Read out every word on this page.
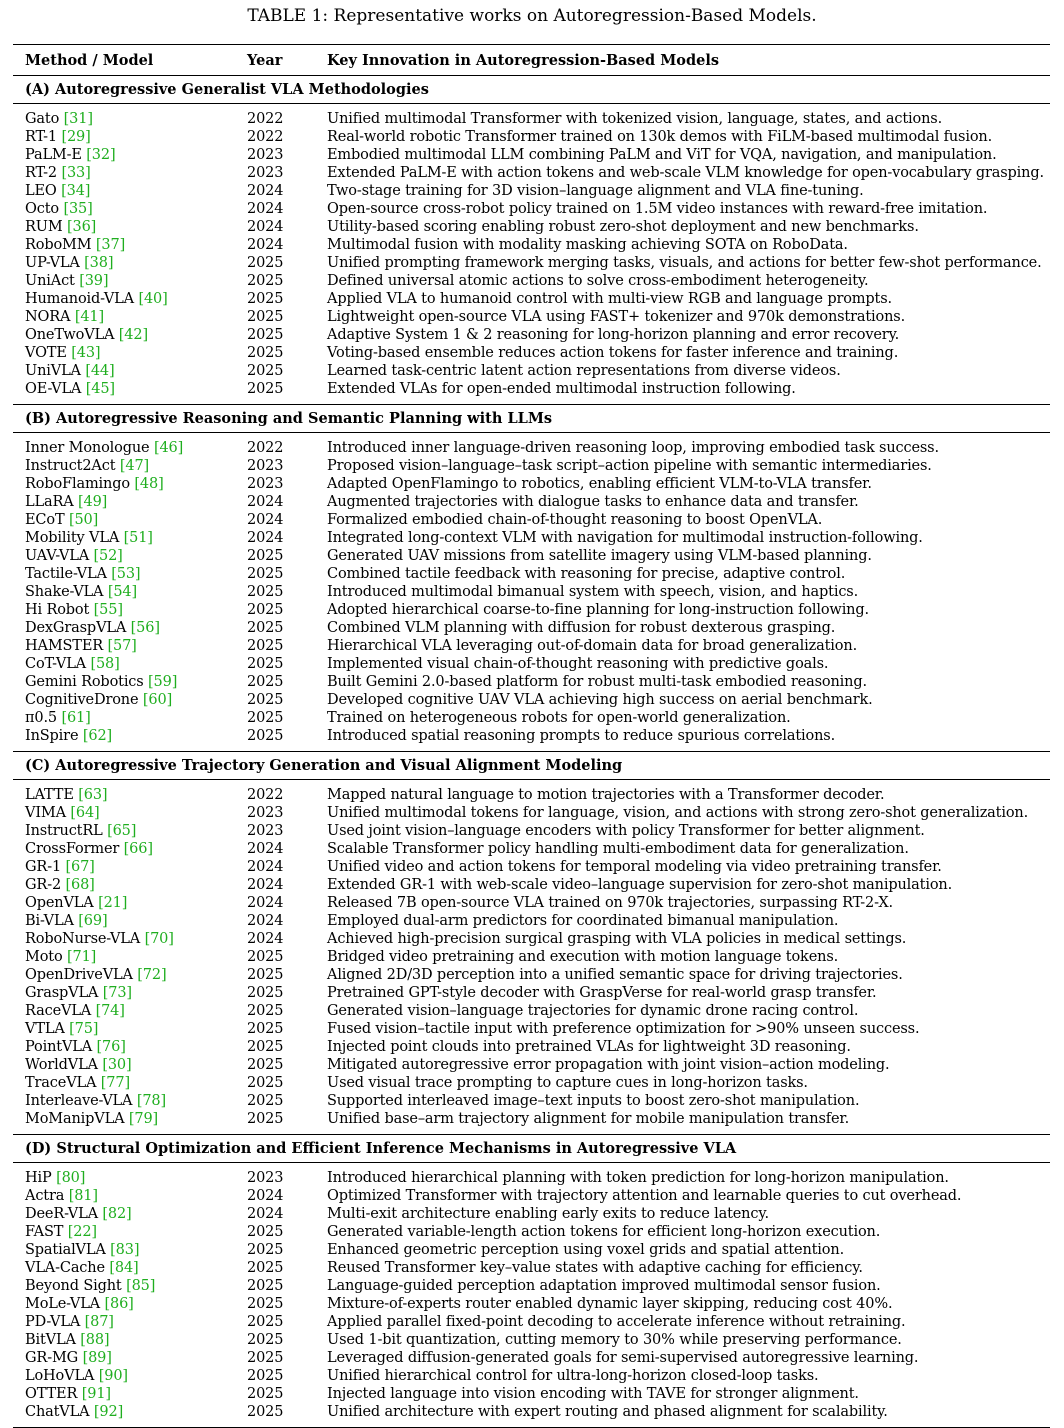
TABLE 1: Representative works on Autoregression-Based Models.
Method / Model	Year	Key Innovation in Autoregression-Based Models
(A) Autoregressive Generalist VLA Methodologies		

Gato [31]	2022	Unified multimodal Transformer with tokenized vision, language, states, and actions.
RT-1 [29]	2022	Real-world robotic Transformer trained on 130k demos with FiLM-based multimodal fusion.
PaLM-E [32]	2023	Embodied multimodal LLM combining PaLM and ViT for VQA, navigation, and manipulation.
RT-2 [33]	2023	Extended PaLM-E with action tokens and web-scale VLM knowledge for open-vocabulary grasping.
LEO [34]	2024	Two-stage training for 3D vision–language alignment and VLA fine-tuning.
Octo [35]	2024	Open-source cross-robot policy trained on 1.5M video instances with reward-free imitation.
RUM [36]	2024	Utility-based scoring enabling robust zero-shot deployment and new benchmarks.
RoboMM [37]	2024	Multimodal fusion with modality masking achieving SOTA on RoboData.
UP-VLA [38]	2025	Unified prompting framework merging tasks, visuals, and actions for better few-shot performance.
UniAct [39]	2025	Defined universal atomic actions to solve cross-embodiment heterogeneity.
Humanoid-VLA [40]	2025	Applied VLA to humanoid control with multi-view RGB and language prompts.
NORA [41]	2025	Lightweight open-source VLA using FAST+ tokenizer and 970k demonstrations.
OneTwoVLA [42]	2025	Adaptive System 1 & 2 reasoning for long-horizon planning and error recovery.
VOTE [43]	2025	Voting-based ensemble reduces action tokens for faster inference and training.
UniVLA [44]	2025	Learned task-centric latent action representations from diverse videos.
OE-VLA [45]	2025	Extended VLAs for open-ended multimodal instruction following.

(B) Autoregressive Reasoning and Semantic Planning with LLMs		

Inner Monologue [46]	2022	Introduced inner language-driven reasoning loop, improving embodied task success.
Instruct2Act [47]	2023	Proposed vision–language–task script–action pipeline with semantic intermediaries.
RoboFlamingo [48]	2023	Adapted OpenFlamingo to robotics, enabling efficient VLM-to-VLA transfer.
LLaRA [49]	2024	Augmented trajectories with dialogue tasks to enhance data and transfer.
ECoT [50]	2024	Formalized embodied chain-of-thought reasoning to boost OpenVLA.
Mobility VLA [51]	2024	Integrated long-context VLM with navigation for multimodal instruction-following.
UAV-VLA [52]	2025	Generated UAV missions from satellite imagery using VLM-based planning.
Tactile-VLA [53]	2025	Combined tactile feedback with reasoning for precise, adaptive control.
Shake-VLA [54]	2025	Introduced multimodal bimanual system with speech, vision, and haptics.
Hi Robot [55]	2025	Adopted hierarchical coarse-to-fine planning for long-instruction following.
DexGraspVLA [56]	2025	Combined VLM planning with diffusion for robust dexterous grasping.
HAMSTER [57]	2025	Hierarchical VLA leveraging out-of-domain data for broad generalization.
CoT-VLA [58]	2025	Implemented visual chain-of-thought reasoning with predictive goals.
Gemini Robotics [59]	2025	Built Gemini 2.0-based platform for robust multi-task embodied reasoning.
CognitiveDrone [60]	2025	Developed cognitive UAV VLA achieving high success on aerial benchmark.
π0.5 [61]	2025	Trained on heterogeneous robots for open-world generalization.
InSpire [62]	2025	Introduced spatial reasoning prompts to reduce spurious correlations.

(C) Autoregressive Trajectory Generation and Visual Alignment Modeling		

LATTE [63]	2022	Mapped natural language to motion trajectories with a Transformer decoder.
VIMA [64]	2023	Unified multimodal tokens for language, vision, and actions with strong zero-shot generalization.
InstructRL [65]	2023	Used joint vision–language encoders with policy Transformer for better alignment.
CrossFormer [66]	2024	Scalable Transformer policy handling multi-embodiment data for generalization.
GR-1 [67]	2024	Unified video and action tokens for temporal modeling via video pretraining transfer.
GR-2 [68]	2024	Extended GR-1 with web-scale video–language supervision for zero-shot manipulation.
OpenVLA [21]	2024	Released 7B open-source VLA trained on 970k trajectories, surpassing RT-2-X.
Bi-VLA [69]	2024	Employed dual-arm predictors for coordinated bimanual manipulation.
RoboNurse-VLA [70]	2024	Achieved high-precision surgical grasping with VLA policies in medical settings.
Moto [71]	2025	Bridged video pretraining and execution with motion language tokens.
OpenDriveVLA [72]	2025	Aligned 2D/3D perception into a unified semantic space for driving trajectories.
GraspVLA [73]	2025	Pretrained GPT-style decoder with GraspVerse for real-world grasp transfer.
RaceVLA [74]	2025	Generated vision–language trajectories for dynamic drone racing control.
VTLA [75]	2025	Fused vision–tactile input with preference optimization for >90% unseen success.
PointVLA [76]	2025	Injected point clouds into pretrained VLAs for lightweight 3D reasoning.
WorldVLA [30]	2025	Mitigated autoregressive error propagation with joint vision–action modeling.
TraceVLA [77]	2025	Used visual trace prompting to capture cues in long-horizon tasks.
Interleave-VLA [78]	2025	Supported interleaved image–text inputs to boost zero-shot manipulation.
MoManipVLA [79]	2025	Unified base–arm trajectory alignment for mobile manipulation transfer.

(D) Structural Optimization and Efficient Inference Mechanisms in Autoregressive VLA		

HiP [80]	2023	Introduced hierarchical planning with token prediction for long-horizon manipulation.
Actra [81]	2024	Optimized Transformer with trajectory attention and learnable queries to cut overhead.
DeeR-VLA [82]	2024	Multi-exit architecture enabling early exits to reduce latency.
FAST [22]	2025	Generated variable-length action tokens for efficient long-horizon execution.
SpatialVLA [83]	2025	Enhanced geometric perception using voxel grids and spatial attention.
VLA-Cache [84]	2025	Reused Transformer key–value states with adaptive caching for efficiency.
Beyond Sight [85]	2025	Language-guided perception adaptation improved multimodal sensor fusion.
MoLe-VLA [86]	2025	Mixture-of-experts router enabled dynamic layer skipping, reducing cost 40%.
PD-VLA [87]	2025	Applied parallel fixed-point decoding to accelerate inference without retraining.
BitVLA [88]	2025	Used 1-bit quantization, cutting memory to 30% while preserving performance.
GR-MG [89]	2025	Leveraged diffusion-generated goals for semi-supervised autoregressive learning.
LoHoVLA [90]	2025	Unified hierarchical control for ultra-long-horizon closed-loop tasks.
OTTER [91]	2025	Injected language into vision encoding with TAVE for stronger alignment.
ChatVLA [92]	2025	Unified architecture with expert routing and phased alignment for scalability.
